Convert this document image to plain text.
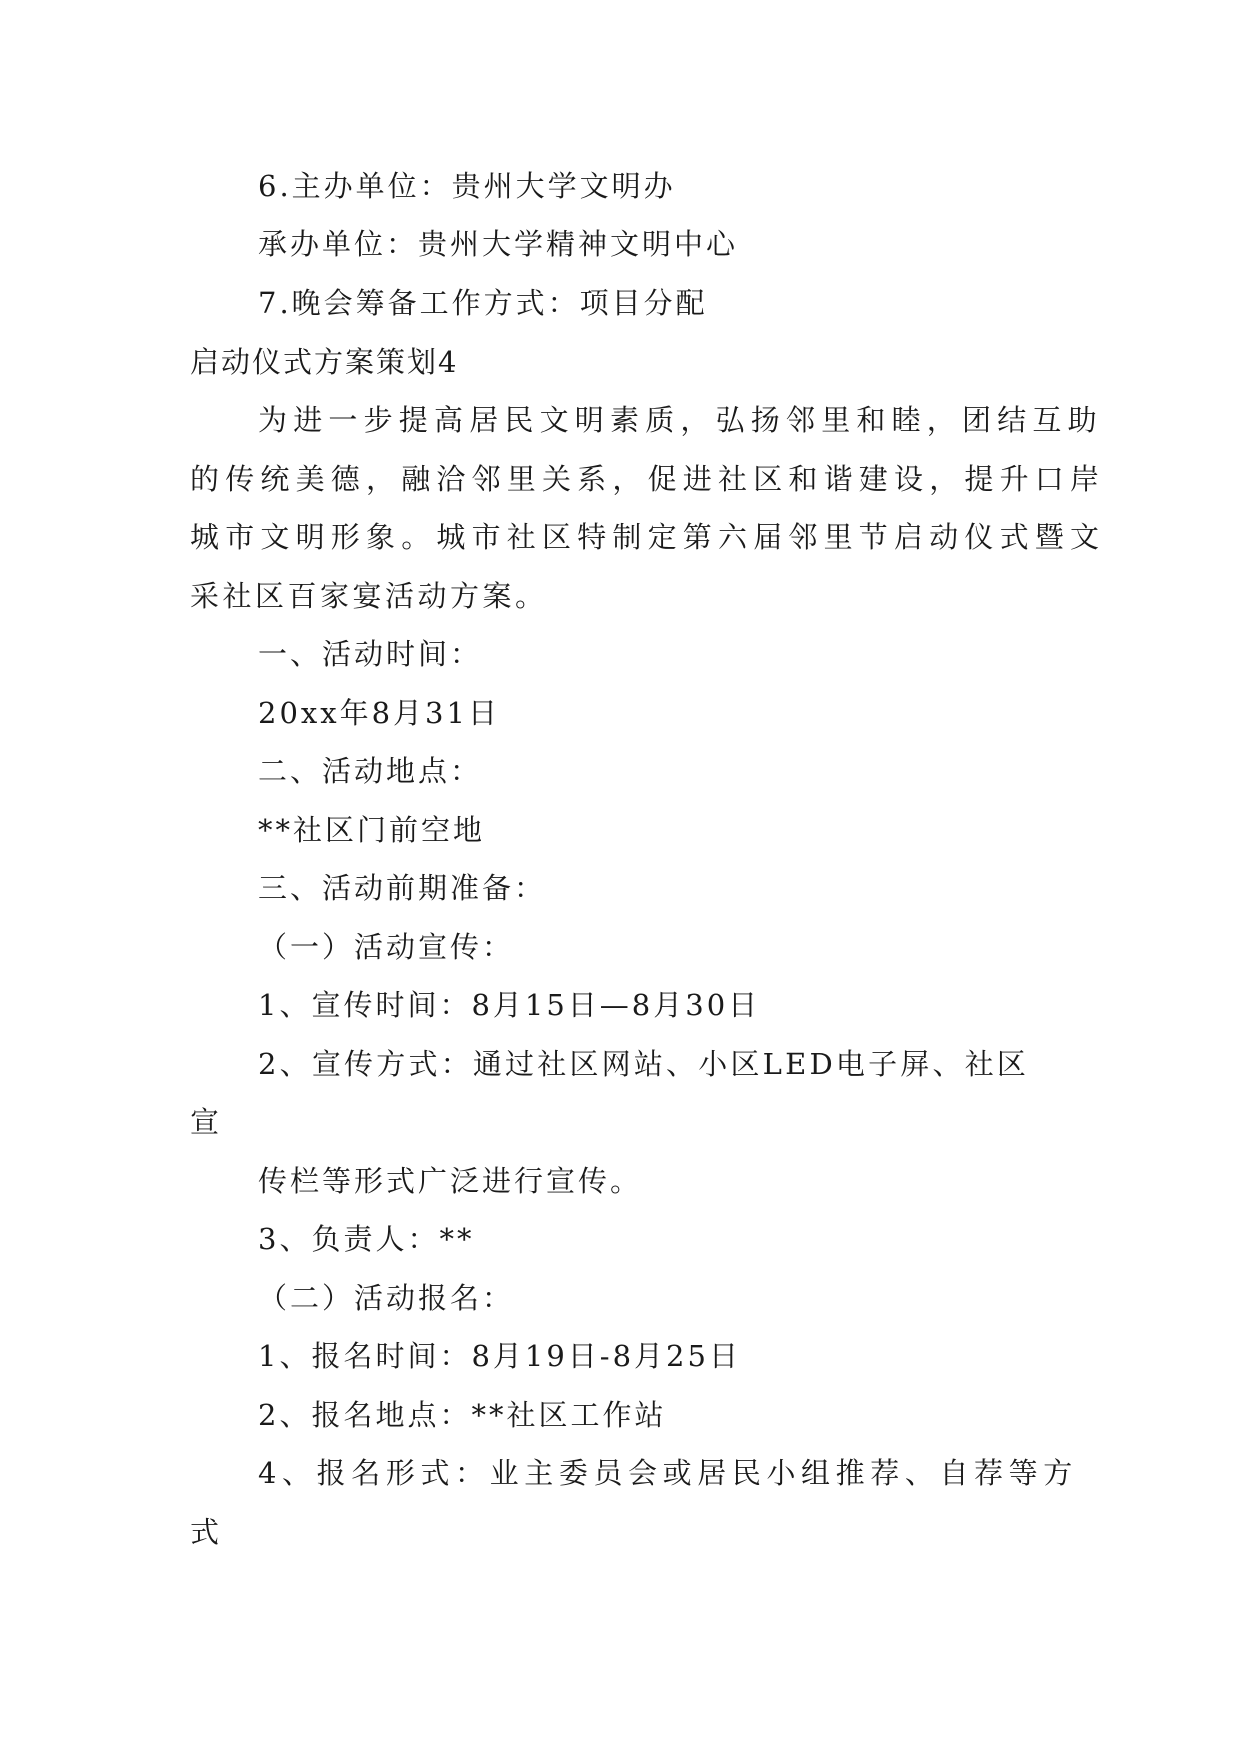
6.主办单位：贵州大学文明办
承办单位：贵州大学精神文明中心
7.晚会筹备工作方式：项目分配
启动仪式方案策划4
为进一步提高居民文明素质，弘扬邻里和睦，团结互助
的传统美德，融洽邻里关系，促进社区和谐建设，提升口岸
城市文明形象。城市社区特制定第六届邻里节启动仪式暨文
采社区百家宴活动方案。
一、活动时间：
20xx年8月31日
二、活动地点：
**社区门前空地
三、活动前期准备：
（一）活动宣传：
1、宣传时间：8月15日—8月30日
2、宣传方式：通过社区网站、小区LED电子屏、社区
宣
传栏等形式广泛进行宣传。
3、负责人：**
（二）活动报名：
1、报名时间：8月19日-8月25日
2、报名地点：**社区工作站
4、报名形式：业主委员会或居民小组推荐、自荐等方
式
